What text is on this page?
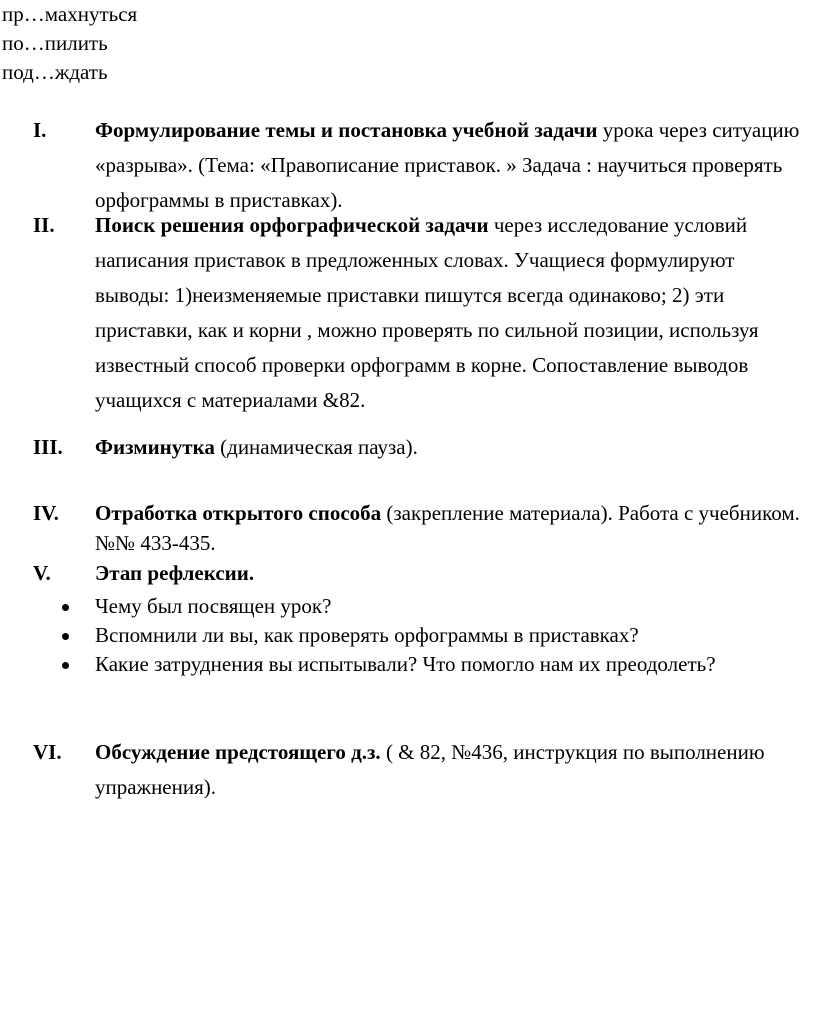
пр…махнуться
по…пилить
под…ждать
I. Формулирование темы и постановка учебной задачи урока через ситуацию «разрыва». (Тема: «Правописание приставок. » Задача : научиться проверять орфограммы в приставках).
II. Поиск решения орфографической задачи через исследование условий написания приставок в предложенных словах. Учащиеся формулируют выводы: 1)неизменяемые приставки пишутся всегда одинаково; 2) эти приставки, как и корни , можно проверять по сильной позиции, используя известный способ проверки орфограмм в корне. Сопоставление выводов учащихся с материалами &82.
III. Физминутка (динамическая пауза).
IV. Отработка открытого способа (закрепление материала). Работа с учебником. №№ 433-435.
V. Этап рефлексии.
Чему был посвящен урок?
Вспомнили ли вы, как проверять орфограммы в приставках?
Какие затруднения вы испытывали? Что помогло нам их преодолеть?
VI. Обсуждение предстоящего д.з. ( & 82, №436, инструкция по выполнению упражнения).
